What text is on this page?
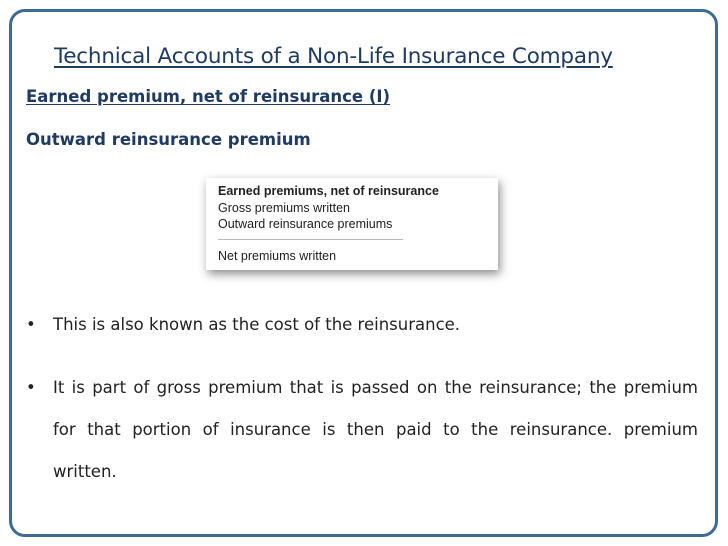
Technical Accounts of a Non-Life Insurance Company
Earned premium, net of reinsurance (I)
Outward reinsurance premium
Earned premiums, net of reinsurance
Gross premiums written
Outward reinsurance premiums
Net premiums written
• This is also known as the cost of the reinsurance.
• It is part of gross premium that is passed on the reinsurance; the premium for that portion of insurance is then paid to the reinsurance. premium written.
